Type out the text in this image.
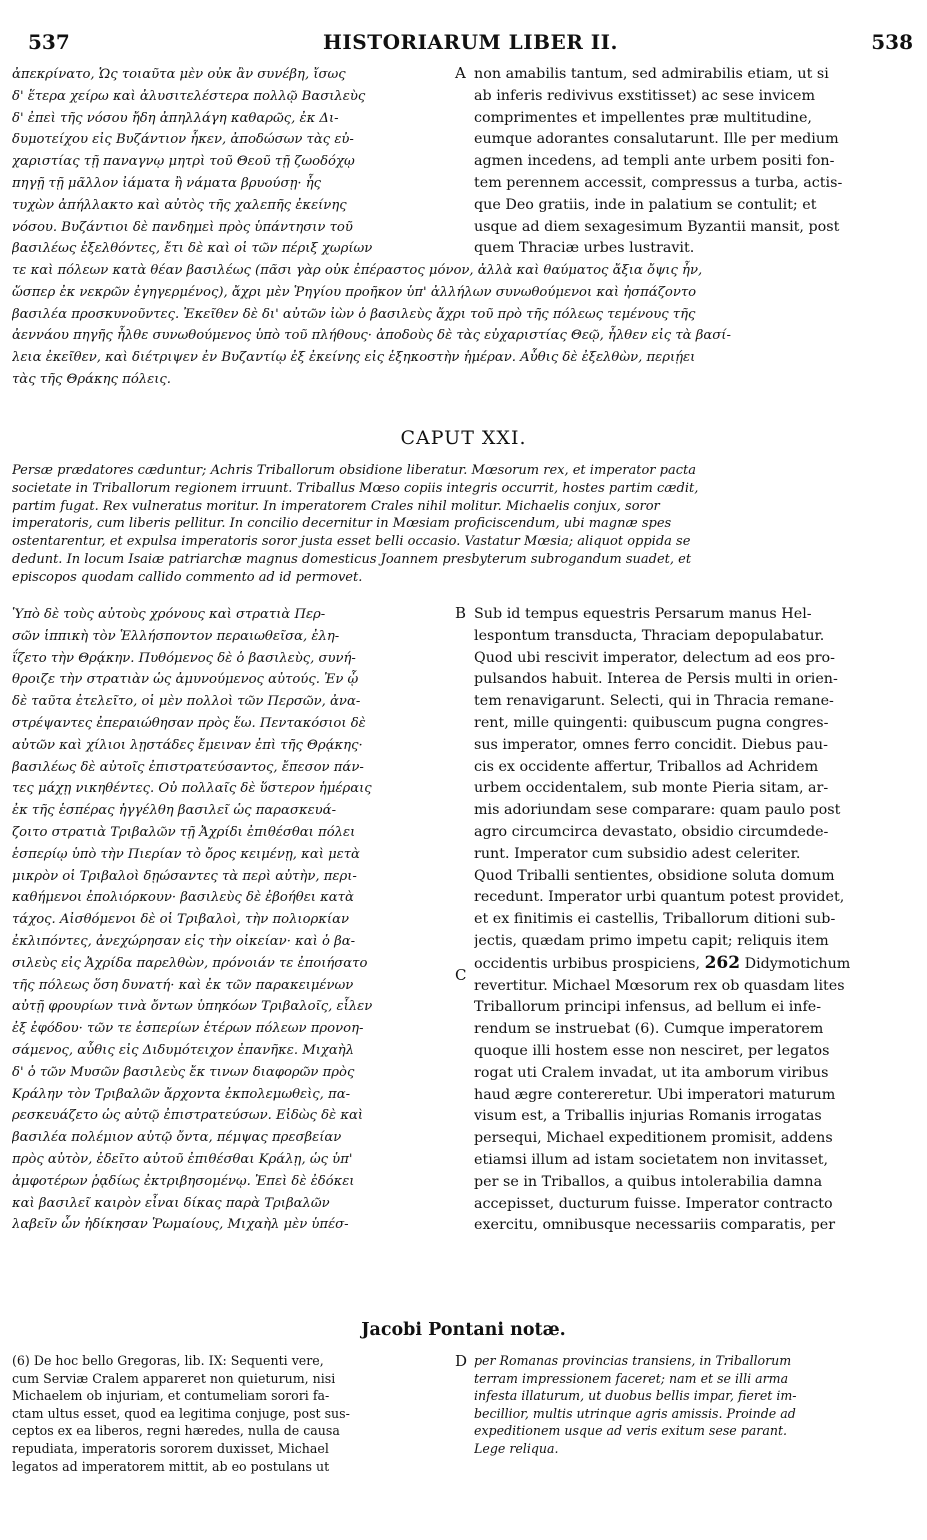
537	HISTORIARUM LIBER II.	538
ἀπεκρίνατο, Ὡς τοιαῦτα μὲν οὐκ ἂν συνέβη, ἴσως
δ' ἕτερα χείρω καὶ ἀλυσιτελέστερα πολλῷ Βασιλεὺς
δ' ἐπεὶ τῆς νόσου ἤδη ἀπηλλάγη καθαρῶς, ἐκ Δι-
δυμοτείχου εἰς Βυζάντιον ἧκεν, ἀποδώσων τὰς εὐ-
χαριστίας τῇ παναγνῳ μητρὶ τοῦ Θεοῦ τῇ ζωοδόχῳ
πηγῇ τῇ μᾶλλον ἰάματα ἢ νάματα βρυούσῃ· ἧς
τυχὼν ἀπήλλακτο καὶ αὐτὸς τῆς χαλεπῆς ἐκείνης
νόσου. Βυζάντιοι δὲ πανδημεὶ πρὸς ὑπάντησιν τοῦ
βασιλέως ἐξελθόντες, ἔτι δὲ καὶ οἱ τῶν πέριξ χωρίων
A non amabilis tantum, sed admirabilis etiam, ut si
ab inferis redivivus exstitisset) ac sese invicem
comprimentes et impellentes præ multitudine,
eumque adorantes consalutarunt. Ille per medium
agmen incedens, ad templi ante urbem positi fon-
tem perennem accessit, compressus a turba, actis-
que Deo gratiis, inde in palatium se contulit; et
usque ad diem sexagesimum Byzantii mansit, post
quem Thraciæ urbes lustravit.
τε καὶ πόλεων κατὰ θέαν βασιλέως (πᾶσι γὰρ οὐκ ἐπέραστος μόνον, ἀλλὰ καὶ θαύματος ἄξια ὄψις ἦν,
ὥσπερ ἐκ νεκρῶν ἐγηγερμένος), ἄχρι μὲν Ῥηγίου προῆκον ὑπ' ἀλλήλων συνωθούμενοι καὶ ἠσπάζοντο
βασιλέα προσκυνοῦντες. Ἐκεῖθεν δὲ δι' αὐτῶν ἰὼν ὁ βασιλεὺς ἄχρι τοῦ πρὸ τῆς πόλεως τεμένους τῆς
ἀεννάου πηγῆς ἦλθε συνωθούμενος ὑπὸ τοῦ πλήθους· ἀποδοὺς δὲ τὰς εὐχαριστίας Θεῷ, ἦλθεν εἰς τὰ βασί-
λεια ἐκεῖθεν, καὶ διέτριψεν ἐν Βυζαντίῳ ἐξ ἐκείνης εἰς ἑξηκοστὴν ἡμέραν. Αὖθις δὲ ἐξελθὼν, περιῄει
τὰς τῆς Θράκης πόλεις.
CAPUT XXI.
Persæ prædatores cæduntur; Achris Triballorum obsidione liberatur. Mœsorum rex, et imperator pacta
societate in Triballorum regionem irruunt. Triballus Mœso copiis integris occurrit, hostes partim cædit,
partim fugat. Rex vulneratus moritur. In imperatorem Crales nihil molitur. Michaelis conjux, soror
imperatoris, cum liberis pellitur. In concilio decernitur in Mœsiam proficiscendum, ubi magnæ spes
ostentarentur, et expulsa imperatoris soror justa esset belli occasio. Vastatur Mœsia; aliquot oppida se
dedunt. In locum Isaiæ patriarchæ magnus domesticus Joannem presbyterum subrogandum suadet, et
episcopos quodam callido commento ad id permovet.
Ὑπὸ δὲ τοὺς αὐτοὺς χρόνους καὶ στρατιὰ Περ-
σῶν ἱππικὴ τὸν Ἑλλήσποντον περαιωθεῖσα, ἐλη-
ΐζετο τὴν Θρᾴκην. Πυθόμενος δὲ ὁ βασιλεὺς, συνή-
θροιζε τὴν στρατιὰν ὡς ἀμυνούμενος αὐτούς. Ἐν ᾧ
δὲ ταῦτα ἐτελεῖτο, οἱ μὲν πολλοὶ τῶν Περσῶν, ἀνα-
στρέψαντες ἐπεραιώθησαν πρὸς ἕω. Πεντακόσιοι δὲ
αὐτῶν καὶ χίλιοι λῃστάδες ἔμειναν ἐπὶ τῆς Θρᾴκης·
βασιλέως δὲ αὐτοῖς ἐπιστρατεύσαντος, ἔπεσον πάν-
τες μάχῃ νικηθέντες. Οὐ πολλαῖς δὲ ὕστερον ἡμέραις
ἐκ τῆς ἑσπέρας ἠγγέλθη βασιλεῖ ὡς παρασκευά-
ζοιτο στρατιὰ Τριβαλῶν τῇ Ἀχρίδι ἐπιθέσθαι πόλει
ἑσπερίῳ ὑπὸ τὴν Πιερίαν τὸ ὄρος κειμένῃ, καὶ μετὰ
μικρὸν οἱ Τριβαλοὶ δῃώσαντες τὰ περὶ αὐτὴν, περι-
καθήμενοι ἐπολιόρκουν· βασιλεὺς δὲ ἐβοήθει κατὰ
τάχος. Αἰσθόμενοι δὲ οἱ Τριβαλοὶ, τὴν πολιορκίαν
ἐκλιπόντες, ἀνεχώρησαν εἰς τὴν οἰκείαν· καὶ ὁ βα-
σιλεὺς εἰς Ἀχρίδα παρελθὼν, πρόνοιάν τε ἐποιήσατο
τῆς πόλεως ὅση δυνατή· καὶ ἐκ τῶν παρακειμένων
αὐτῇ φρουρίων τινὰ ὄντων ὑπηκόων Τριβαλοῖς, εἷλεν
ἐξ ἐφόδου· τῶν τε ἑσπερίων ἑτέρων πόλεων προνοη-
σάμενος, αὖθις εἰς Διδυμότειχον ἐπανῆκε. Μιχαὴλ
δ' ὁ τῶν Μυσῶν βασιλεὺς ἔκ τινων διαφορῶν πρὸς
Κράλην τὸν Τριβαλῶν ἄρχοντα ἐκπολεμωθεὶς, πα-
ρεσκευάζετο ὡς αὐτῷ ἐπιστρατεύσων. Εἰδὼς δὲ καὶ
βασιλέα πολέμιον αὐτῷ ὄντα, πέμψας πρεσβείαν
πρὸς αὐτὸν, ἐδεῖτο αὐτοῦ ἐπιθέσθαι Κράλῃ, ὡς ὑπ'
ἀμφοτέρων ῥᾳδίως ἐκτριβησομένῳ. Ἐπεὶ δὲ ἐδόκει
καὶ βασιλεῖ καιρὸν εἶναι δίκας παρὰ Τριβαλῶν
λαβεῖν ὧν ἠδίκησαν Ῥωμαίους, Μιχαὴλ μὲν ὑπέσ-
B
C
Sub id tempus equestris Persarum manus Hel-
lespontum transducta, Thraciam depopulabatur.
Quod ubi rescivit imperator, delectum ad eos pro-
pulsandos habuit. Interea de Persis multi in orien-
tem renavigarunt. Selecti, qui in Thracia remane-
rent, mille quingenti: quibuscum pugna congres-
sus imperator, omnes ferro concidit. Diebus pau-
cis ex occidente affertur, Triballos ad Achridem
urbem occidentalem, sub monte Pieria sitam, ar-
mis adoriundam sese comparare: quam paulo post
agro circumcirca devastato, obsidio circumdede-
runt. Imperator cum subsidio adest celeriter.
Quod Triballi sentientes, obsidione soluta domum
recedunt. Imperator urbi quantum potest providet,
et ex finitimis ei castellis, Triballorum ditioni sub-
jectis, quædam primo impetu capit; reliquis item
occidentis urbibus prospiciens, 262 Didymotichum
revertitur. Michael Mœsorum rex ob quasdam lites
Triballorum principi infensus, ad bellum ei infe-
rendum se instruebat (6). Cumque imperatorem
quoque illi hostem esse non nesciret, per legatos
rogat uti Cralem invadat, ut ita amborum viribus
haud ægre contereretur. Ubi imperatori maturum
visum est, a Triballis injurias Romanis irrogatas
persequi, Michael expeditionem promisit, addens
etiamsi illum ad istam societatem non invitasset,
per se in Triballos, a quibus intolerabilia damna
accepisset, ducturum fuisse. Imperator contracto
exercitu, omnibusque necessariis comparatis, per
Jacobi Pontani notæ.
(6) De hoc bello Gregoras, lib. IX: Sequenti vere,
cum Serviæ Cralem appareret non quieturum, nisi
Michaelem ob injuriam, et contumeliam sorori fa-
ctam ultus esset, quod ea legitima conjuge, post sus-
ceptos ex ea liberos, regni hæredes, nulla de causa
repudiata, imperatoris sororem duxisset, Michael
legatos ad imperatorem mittit, ab eo postulans ut
D per Romanas provincias transiens, in Triballorum
terram impressionem faceret; nam et se illi arma
infesta illaturum, ut duobus bellis impar, fieret im-
becillior, multis utrinque agris amissis. Proinde ad
expeditionem usque ad veris exitum sese parant.
Lege reliqua.
